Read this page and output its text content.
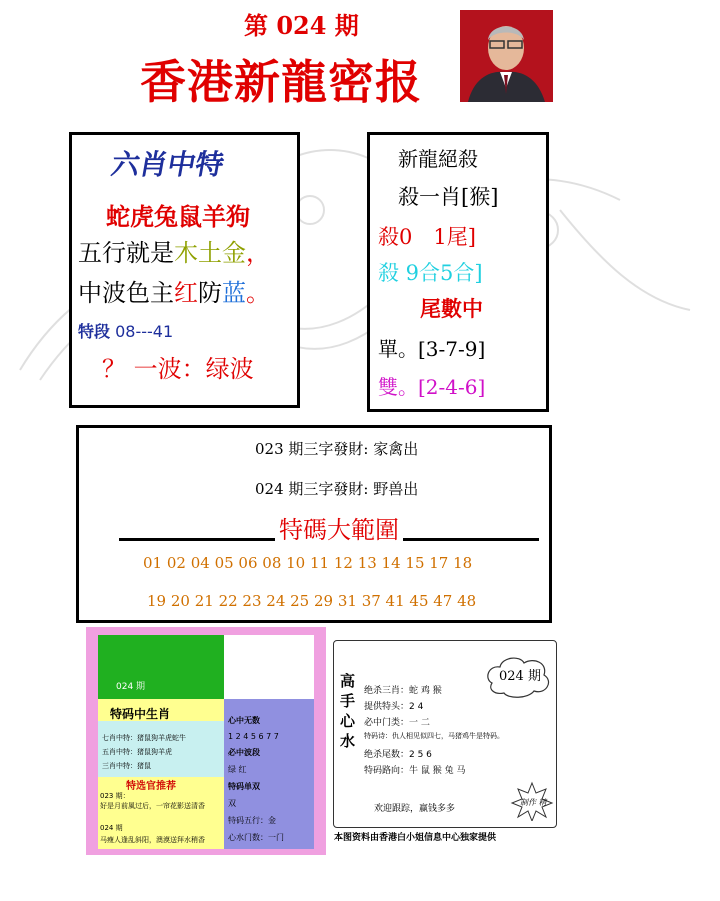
第 024 期
香港新龍密报
六肖中特
蛇虎兔鼠羊狗
五行就是木土金，
中波色主红防蓝。
特段 08---41
？ 一波：绿波
新龍絕殺
殺一肖[猴]
殺0　1尾]
殺 9合5合]
尾數中
單。[3-7-9]
雙。[2-4-6]
023 期三字發財: 家禽出
024 期三字發財: 野兽出
特碼大範圍
01 02 04 05 06 08 10 11 12 13 14 15 17 18
19 20 21 22 23 24 25 29 31 37 41 45 47 48
024 期
特码中生肖
七肖中特：猪鼠狗羊虎蛇牛
五肖中特：猪鼠狗羊虎
三肖中特：猪鼠
特选官推荐
023 期：
好是月前風过后，一帘花影送清香
024 期
马瘦人逢乱斜阳，澳漠送拜水稍香
心中无数
1 2 4 5 6 7 7
必中波段
绿 红
特码单双
双
特码五行：金
心水门数：一门
高手心水
024 期
绝杀三肖：蛇 鸡 猴
提供特头：2 4
必中门类：一 二
特码诗：仇人相见似四七，马猪鸡牛是特码。
绝杀尾数：2 5 6
特码路向：牛 鼠 猴 兔 马
欢迎跟踪，赢钱多多
制作 精
本图资料由香港白小姐信息中心独家提供
